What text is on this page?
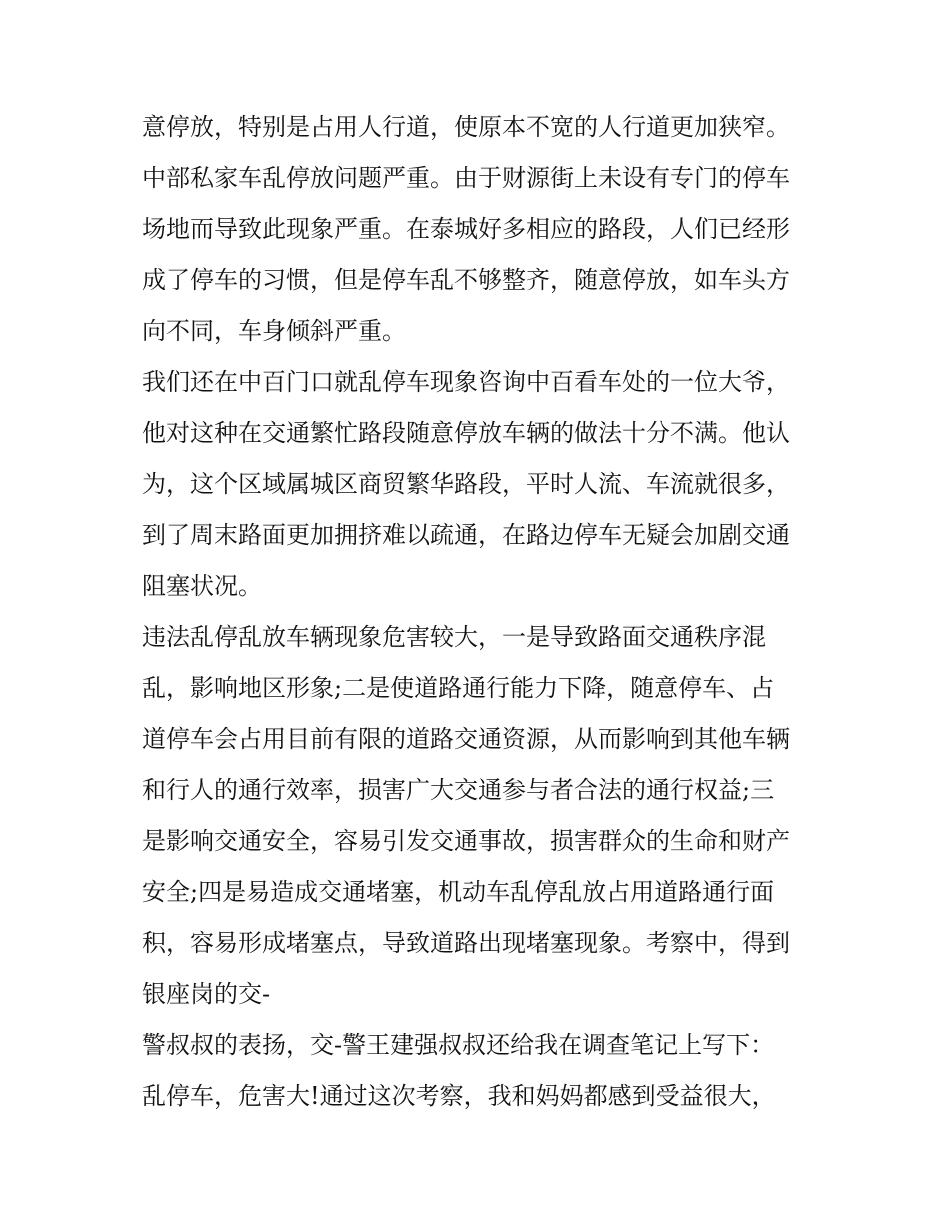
意停放，特别是占用人行道，使原本不宽的人行道更加狭窄。
中部私家车乱停放问题严重。由于财源街上未设有专门的停车
场地而导致此现象严重。在泰城好多相应的路段，人们已经形
成了停车的习惯，但是停车乱不够整齐，随意停放，如车头方
向不同，车身倾斜严重。
我们还在中百门口就乱停车现象咨询中百看车处的一位大爷，
他对这种在交通繁忙路段随意停放车辆的做法十分不满。他认
为，这个区域属城区商贸繁华路段，平时人流、车流就很多，
到了周末路面更加拥挤难以疏通，在路边停车无疑会加剧交通
阻塞状况。
违法乱停乱放车辆现象危害较大，一是导致路面交通秩序混
乱，影响地区形象;二是使道路通行能力下降，随意停车、占
道停车会占用目前有限的道路交通资源，从而影响到其他车辆
和行人的通行效率，损害广大交通参与者合法的通行权益;三
是影响交通安全，容易引发交通事故，损害群众的生命和财产
安全;四是易造成交通堵塞，机动车乱停乱放占用道路通行面
积，容易形成堵塞点，导致道路出现堵塞现象。考察中，得到
银座岗的交-
警叔叔的表扬，交-警王建强叔叔还给我在调查笔记上写下：
乱停车，危害大!通过这次考察，我和妈妈都感到受益很大，
